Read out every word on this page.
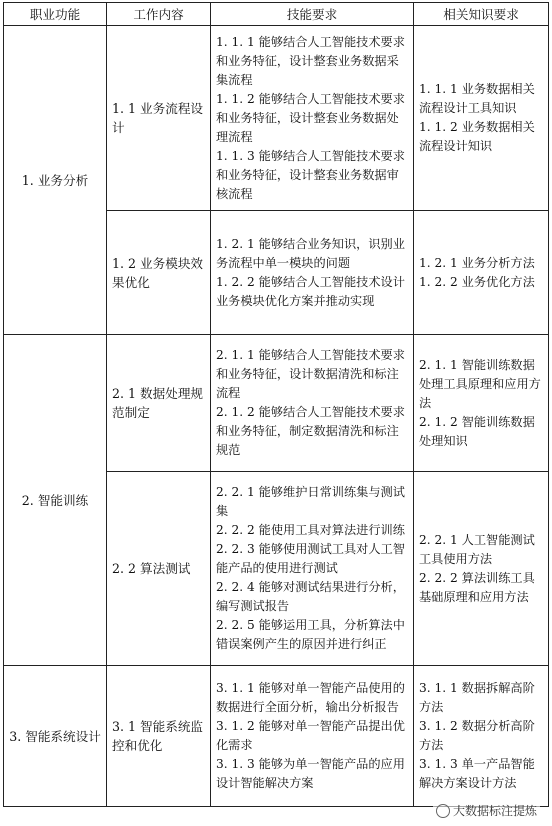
职业功能	工作内容	技能要求	相关知识要求
1. 业务分析	1. 1 业务流程设计	1. 1. 1 能够结合人工智能技术要求和业务特征，设计整套业务数据采集流程
1. 1. 2 能够结合人工智能技术要求和业务特征，设计整套业务数据处理流程
1. 1. 3 能够结合人工智能技术要求和业务特征，设计整套业务数据审核流程	1. 1. 1 业务数据相关流程设计工具知识
1. 1. 2 业务数据相关流程设计知识

	1. 2 业务模块效果优化	1. 2. 1 能够结合业务知识，识别业务流程中单一模块的问题
1. 2. 2 能够结合人工智能技术设计业务模块优化方案并推动实现	1. 2. 1 业务分析方法
1. 2. 2 业务优化方法

2. 智能训练	2. 1 数据处理规范制定	2. 1. 1 能够结合人工智能技术要求和业务特征，设计数据清洗和标注流程
2. 1. 2 能够结合人工智能技术要求和业务特征，制定数据清洗和标注规范	2. 1. 1 智能训练数据处理工具原理和应用方法
2. 1. 2 智能训练数据处理知识

	2. 2 算法测试	2. 2. 1 能够维护日常训练集与测试集
2. 2. 2 能使用工具对算法进行训练
2. 2. 3 能够使用测试工具对人工智能产品的使用进行测试
2. 2. 4 能够对测试结果进行分析，编写测试报告
2. 2. 5 能够运用工具，分析算法中错误案例产生的原因并进行纠正	2. 2. 1 人工智能测试工具使用方法
2. 2. 2 算法训练工具基础原理和应用方法

3. 智能系统设计	3. 1 智能系统监控和优化	3. 1. 1 能够对单一智能产品使用的数据进行全面分析，输出分析报告
3. 1. 2 能够对单一智能产品提出优化需求
3. 1. 3 能够为单一智能产品的应用设计智能解决方案	3. 1. 1 数据拆解高阶方法
3. 1. 2 数据分析高阶方法
3. 1. 3 单一产品智能解决方案设计方法
大数据标注提炼
